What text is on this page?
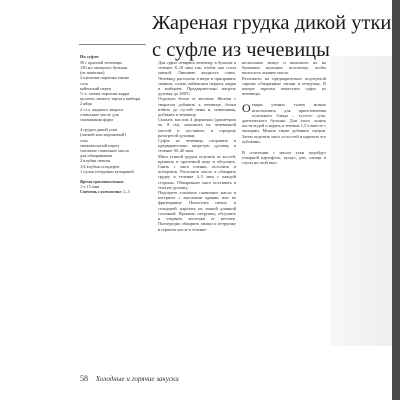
Жареная грудка дикой утки
с суфле из чечевицы

На суфле:

50 г красной чечевицы

150 мл овощного бульона

(из пакетика)

2 щепотки порошка тмина

соль

кайенский перец

½ ч. ложки порошка карри

кусочек свежего тертого имбиря

2 яйца

2 ст.л. жирного творога

сливочное масло для

смазывания форм

4 грудки дикой утки

(свежей или мороженой)

соль

свежемолотый перец

топленое сливочное масло

для обжаривания

2 клубня свеклы

1/4 клубня сельдерея

1 пучок петрушки кучерявой

Время приготовления:
1 ч 15 мин

Степень сложности: 2–3

Для суфле отварить чечевицу в бульоне в течение 8–10 мин так, чтобы она стала мягкой. Лишнюю жидкость слить. Чечевицу растолочь в пюре и приправить тмином, солью, кайенским перцем, карри и имбирем. Предварительно нагреть духовку до 200ºС.

Отделить белки от желтков. Желтки с творогом добавить к чечевице, белки взбить до густой пены и, помешивая, добавить в чечевицу.

Смазать маслом 4 формочки (диаметром ок. 8 см), заполнить их чечевичной массой и поставить в середину разогретой духовки.

Суфле из чечевицы отправить в предварительно нагретую духовку в течение 30–40 мин.

Мясо утиной грудки отделить от костей, промыть в проточной воде и обсушить. Снять с мяса пленки, посолить и поперчить. Растопить масло и обжарить грудку в течение 4–5 мин с каждой стороны. Обжаренное мясо поставить в теплую духовку.

Подогреть топленое сливочное масло в кастрюле с высокими краями или во фритюрнице. Почистить свеклу и сельдерей, нарезать их тонкой длинной соломкой. Промыть петрушку, обсушить и оторвать листочки от веточек. Поочередно обжарить овощи и петрушку в горячем масле в течение

нескольких минут и выложить их на бумажное кухонное полотенце, чтобы впиталось лишнее масло.

Разложить на предварительно подогретой тарелке обжаренные овощи и петрушку. В центре тарелки поместить суфле из чечевицы.

Отвары утиных тушек можно использовать для приготовления отдельного блюда – густого супа, диетического бульона. Для этого залить кости водой и варить в течение 1,5 ч вместе с овощами. Можно также добавить специи. Затем отделить мясо от костей и нарезать его кубиками.

В сочетании с мясом утки подойдут отварной картофель, кускус, рис, овощи и соусы на свой вкус.

58 Холодные и горячие закуски
